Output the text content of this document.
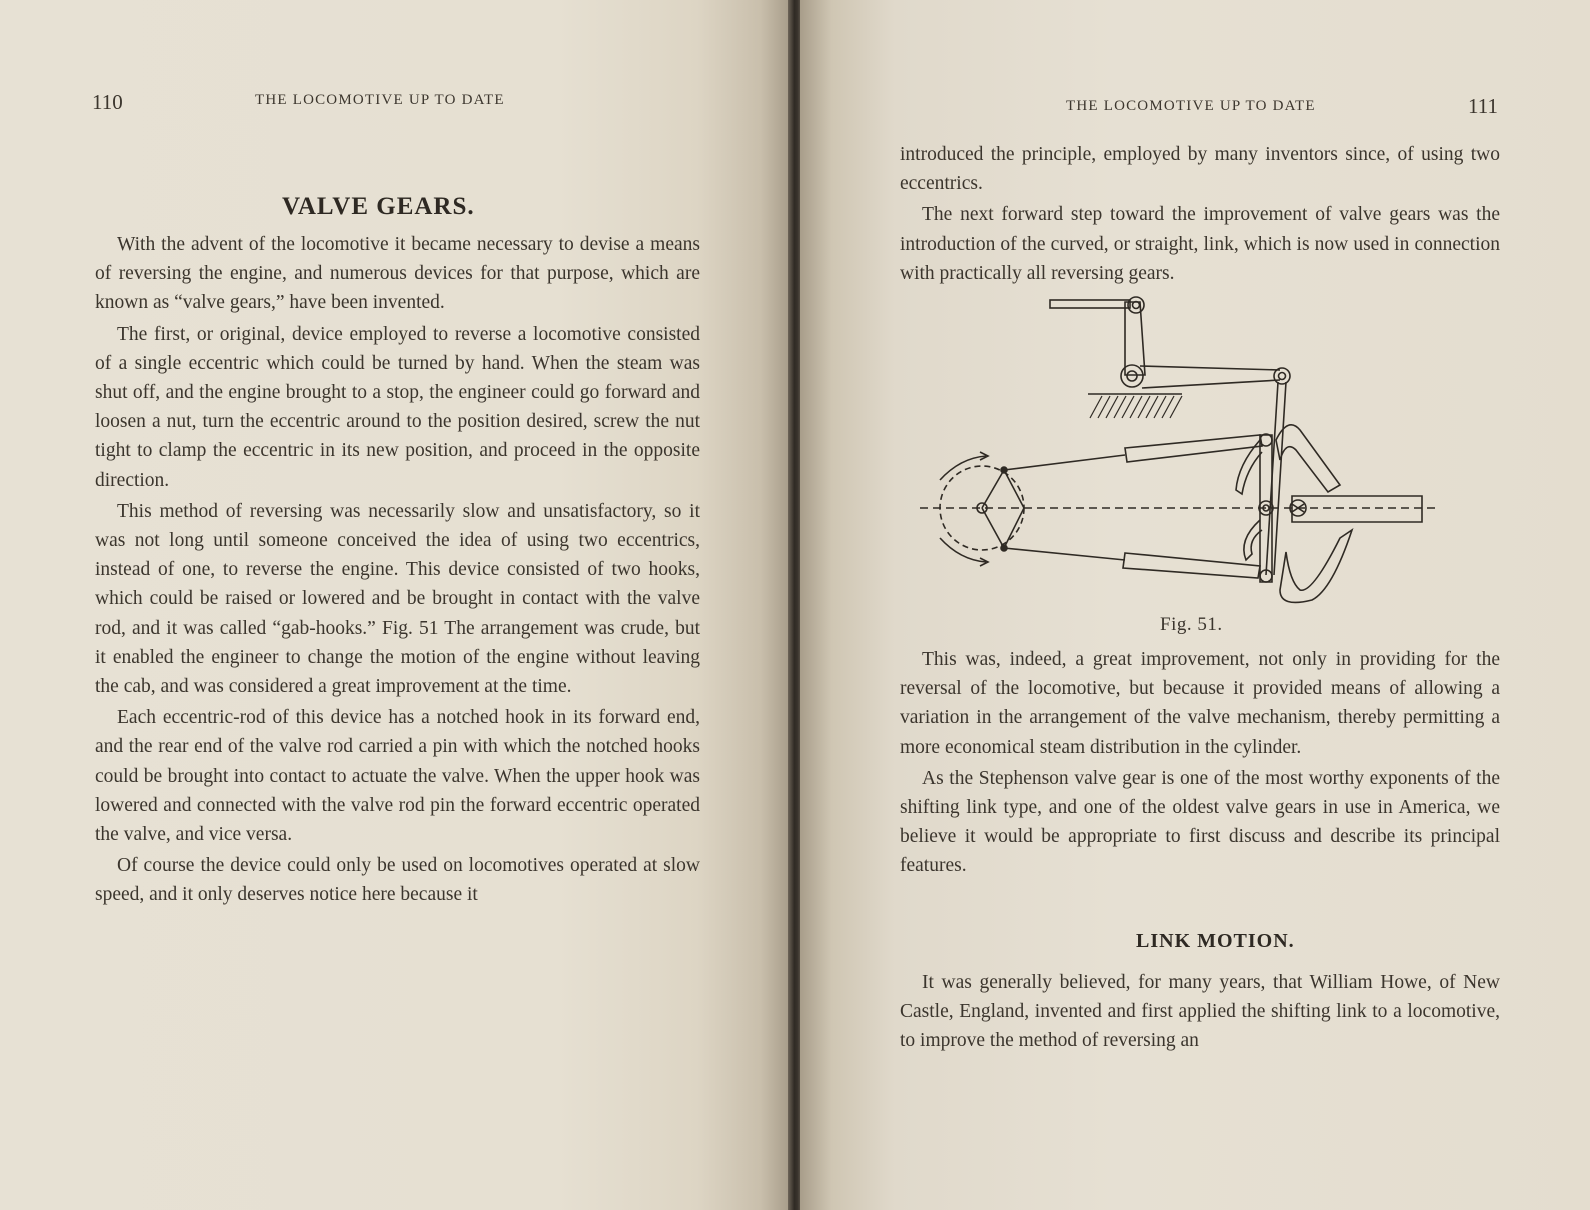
110	THE LOCOMOTIVE UP TO DATE
VALVE GEARS.

With the advent of the locomotive it became necessary to devise a means of reversing the engine, and numerous devices for that purpose, which are known as “valve gears,” have been invented.

The first, or original, device employed to reverse a locomotive consisted of a single eccentric which could be turned by hand. When the steam was shut off, and the engine brought to a stop, the engineer could go forward and loosen a nut, turn the eccentric around to the position desired, screw the nut tight to clamp the eccentric in its new position, and proceed in the opposite direction.

This method of reversing was necessarily slow and unsatisfactory, so it was not long until someone conceived the idea of using two eccentrics, instead of one, to reverse the engine. This device consisted of two hooks, which could be raised or lowered and be brought in contact with the valve rod, and it was called “gab-hooks.” Fig. 51 The arrangement was crude, but it enabled the engineer to change the motion of the engine without leaving the cab, and was considered a great improvement at the time.

Each eccentric-rod of this device has a notched hook in its forward end, and the rear end of the valve rod carried a pin with which the notched hooks could be brought into contact to actuate the valve. When the upper hook was lowered and connected with the valve rod pin the forward eccentric operated the valve, and vice versa.

Of course the device could only be used on locomotives operated at slow speed, and it only deserves notice here because it

THE LOCOMOTIVE UP TO DATE	111

introduced the principle, employed by many inventors since, of using two eccentrics.

The next forward step toward the improvement of valve gears was the introduction of the curved, or straight, link, which is now used in connection with practically all reversing gears.

Fig. 51.

This was, indeed, a great improvement, not only in providing for the reversal of the locomotive, but because it provided means of allowing a variation in the arrangement of the valve mechanism, thereby permitting a more economical steam distribution in the cylinder.

As the Stephenson valve gear is one of the most worthy exponents of the shifting link type, and one of the oldest valve gears in use in America, we believe it would be appropriate to first discuss and describe its principal features.

LINK MOTION.

It was generally believed, for many years, that William Howe, of New Castle, England, invented and first applied the shifting link to a locomotive, to improve the method of reversing an
